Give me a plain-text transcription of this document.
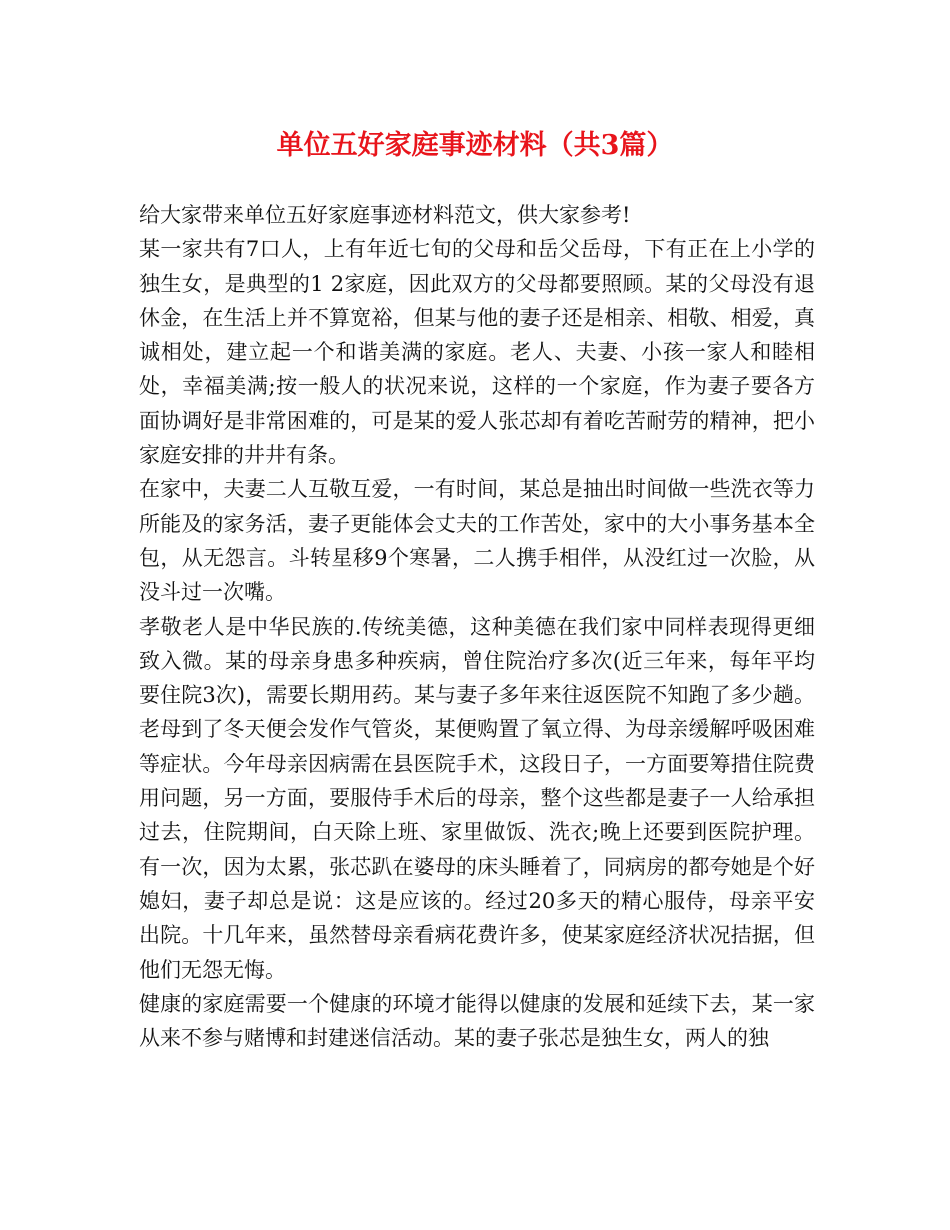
单位五好家庭事迹材料（共3篇）

给大家带来单位五好家庭事迹材料范文，供大家参考!

某一家共有7口人，上有年近七旬的父母和岳父岳母，下有正在上小学的独生女，是典型的1 2家庭，因此双方的父母都要照顾。某的父母没有退休金，在生活上并不算宽裕，但某与他的妻子还是相亲、相敬、相爱，真诚相处，建立起一个和谐美满的家庭。老人、夫妻、小孩一家人和睦相处，幸福美满;按一般人的状况来说，这样的一个家庭，作为妻子要各方面协调好是非常困难的，可是某的爱人张芯却有着吃苦耐劳的精神，把小家庭安排的井井有条。

在家中，夫妻二人互敬互爱，一有时间，某总是抽出时间做一些洗衣等力所能及的家务活，妻子更能体会丈夫的工作苦处，家中的大小事务基本全包，从无怨言。斗转星移9个寒暑，二人携手相伴，从没红过一次脸，从没斗过一次嘴。

孝敬老人是中华民族的.传统美德，这种美德在我们家中同样表现得更细致入微。某的母亲身患多种疾病，曾住院治疗多次(近三年来，每年平均要住院3次)，需要长期用药。某与妻子多年来往返医院不知跑了多少趟。老母到了冬天便会发作气管炎，某便购置了氧立得、为母亲缓解呼吸困难等症状。今年母亲因病需在县医院手术，这段日子，一方面要筹措住院费用问题，另一方面，要服侍手术后的母亲，整个这些都是妻子一人给承担过去，住院期间，白天除上班、家里做饭、洗衣;晚上还要到医院护理。有一次，因为太累，张芯趴在婆母的床头睡着了，同病房的都夸她是个好媳妇，妻子却总是说：这是应该的。经过20多天的精心服侍，母亲平安出院。十几年来，虽然替母亲看病花费许多，使某家庭经济状况拮据，但他们无怨无悔。

健康的家庭需要一个健康的环境才能得以健康的发展和延续下去，某一家从来不参与赌博和封建迷信活动。某的妻子张芯是独生女，两人的独
